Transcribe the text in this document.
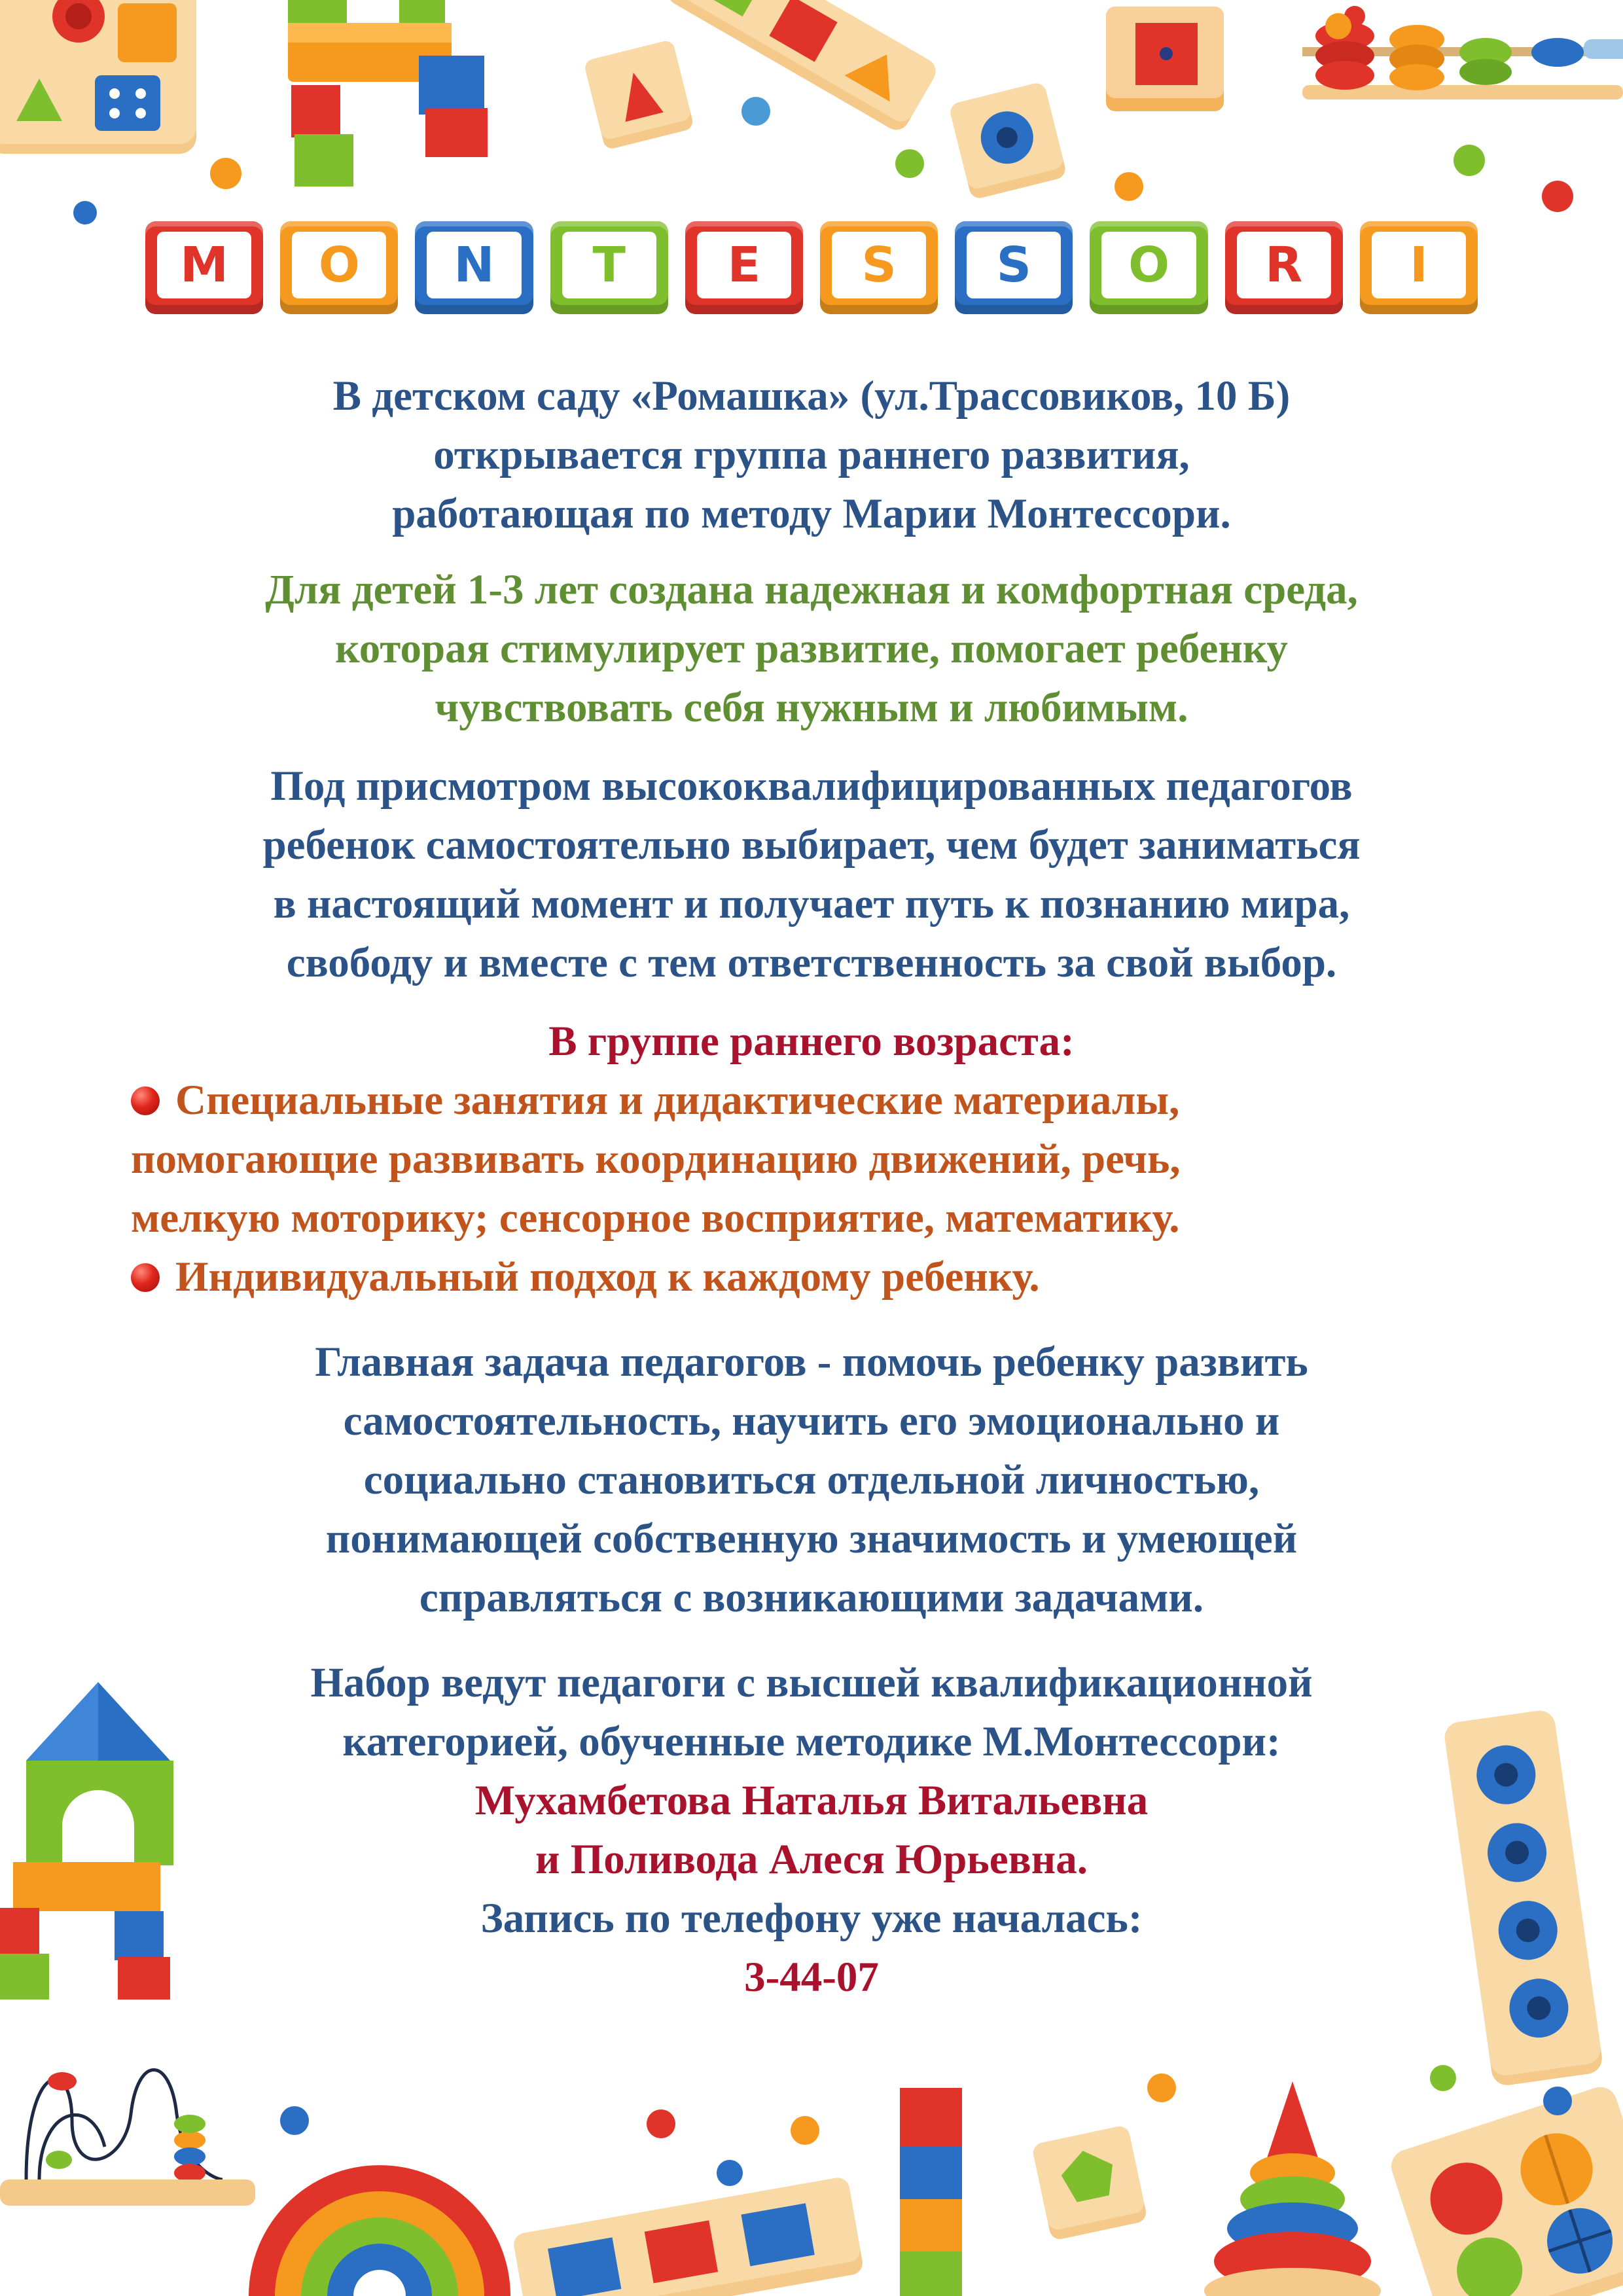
M	O	N	T	E	S	S	O	R	I

В детском саду «Ромашка» (ул.Трассовиков, 10 Б)
открывается группа раннего развития,
работающая по методу Марии Монтессори.

Для детей 1-3 лет создана надежная и комфортная среда,
которая стимулирует развитие, помогает ребенку
чувствовать себя нужным и любимым.

Под присмотром высококвалифицированных педагогов
ребенок самостоятельно выбирает, чем будет заниматься
в настоящий момент и получает путь к познанию мира,
свободу и вместе с тем ответственность за свой выбор.

В группе раннего возраста:

Специальные занятия и дидактические материалы,
помогающие развивать координацию движений, речь,
мелкую моторику; сенсорное восприятие, математику.
Индивидуальный подход к каждому ребенку.

Главная задача педагогов - помочь ребенку развить
самостоятельность, научить его эмоционально и
социально становиться отдельной личностью,
понимающей собственную значимость и умеющей
справляться с возникающими задачами.

Набор ведут педагоги с высшей квалификационной
категорией, обученные методике М.Монтессори:
Мухамбетова Наталья Витальевна
и Поливода Алеся Юрьевна.
Запись по телефону уже началась:
3-44-07
